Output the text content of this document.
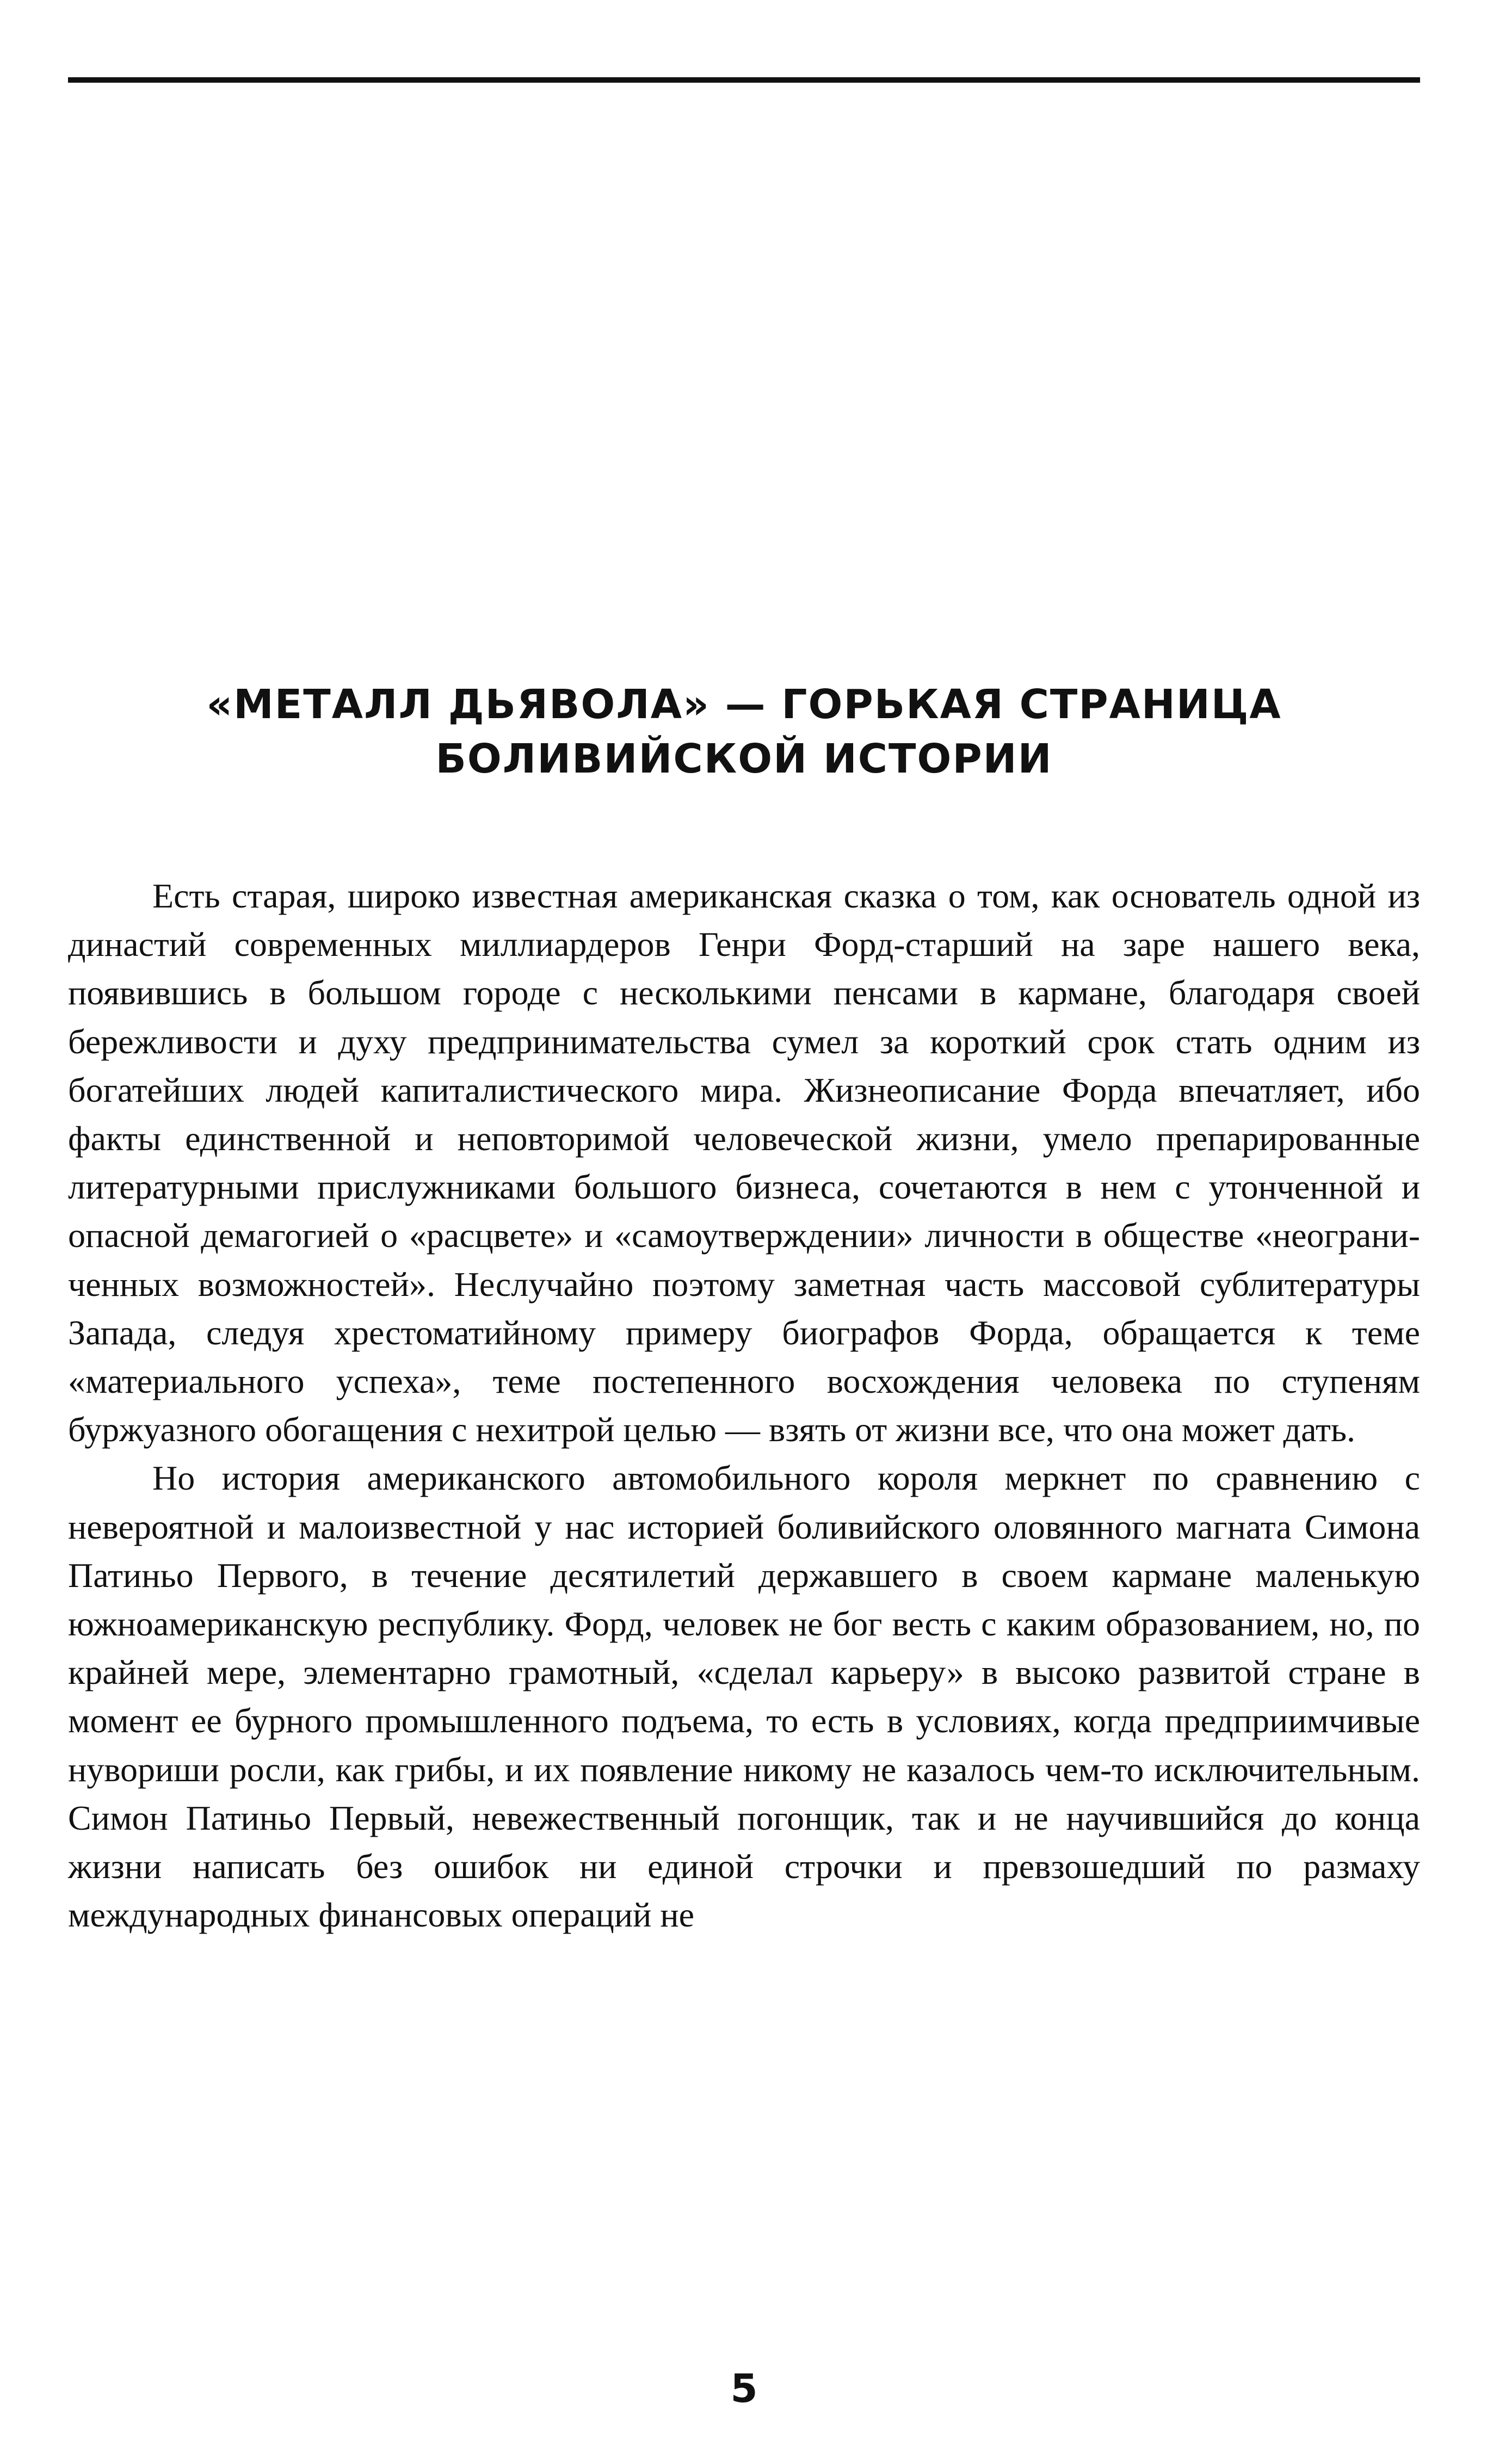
«МЕТАЛЛ ДЬЯВОЛА» — ГОРЬКАЯ СТРАНИЦА
БОЛИВИЙСКОЙ ИСТОРИИ

Есть старая, широко известная американская сказка о том, как основатель одной из династий современных миллиардеров Генри Форд-старший на заре нашего века, появившись в большом городе с несколькими пенсами в кармане, благодаря своей бережливости и духу предпринимательства сумел за короткий срок стать одним из богатейших людей капиталистического мира. Жизнеописание Форда впечатляет, ибо факты единственной и неповторимой человеческой жизни, умело препарированные литературными прислужниками большого бизнеса, сочетаются в нем с утонченной и опасной демагогией о «расцвете» и «самоутверждении» личности в обществе «неограниченных возможностей». Неслучайно поэтому заметная часть массовой сублитературы Запада, следуя хрестоматийному примеру биографов Форда, обращается к теме «материального успеха», теме постепенного восхождения человека по ступеням буржуазного обогащения с нехитрой целью — взять от жизни все, что она может дать.

Но история американского автомобильного короля меркнет по сравнению с невероятной и малоизвестной у нас историей боливийского оловянного магната Симона Патиньо Первого, в течение десятилетий державшего в своем кармане маленькую южноамериканскую республику. Форд, человек не бог весть с каким образованием, но, по крайней мере, элементарно грамотный, «сделал карьеру» в высоко развитой стране в момент ее бурного промышленного подъема, то есть в условиях, когда предприимчивые нувориши росли, как грибы, и их появление никому не казалось чем-то исключительным. Симон Патиньо Первый, невежественный погонщик, так и не научившийся до конца жизни написать без ошибок ни единой строчки и превзошедший по размаху международных финансовых операций не

5
